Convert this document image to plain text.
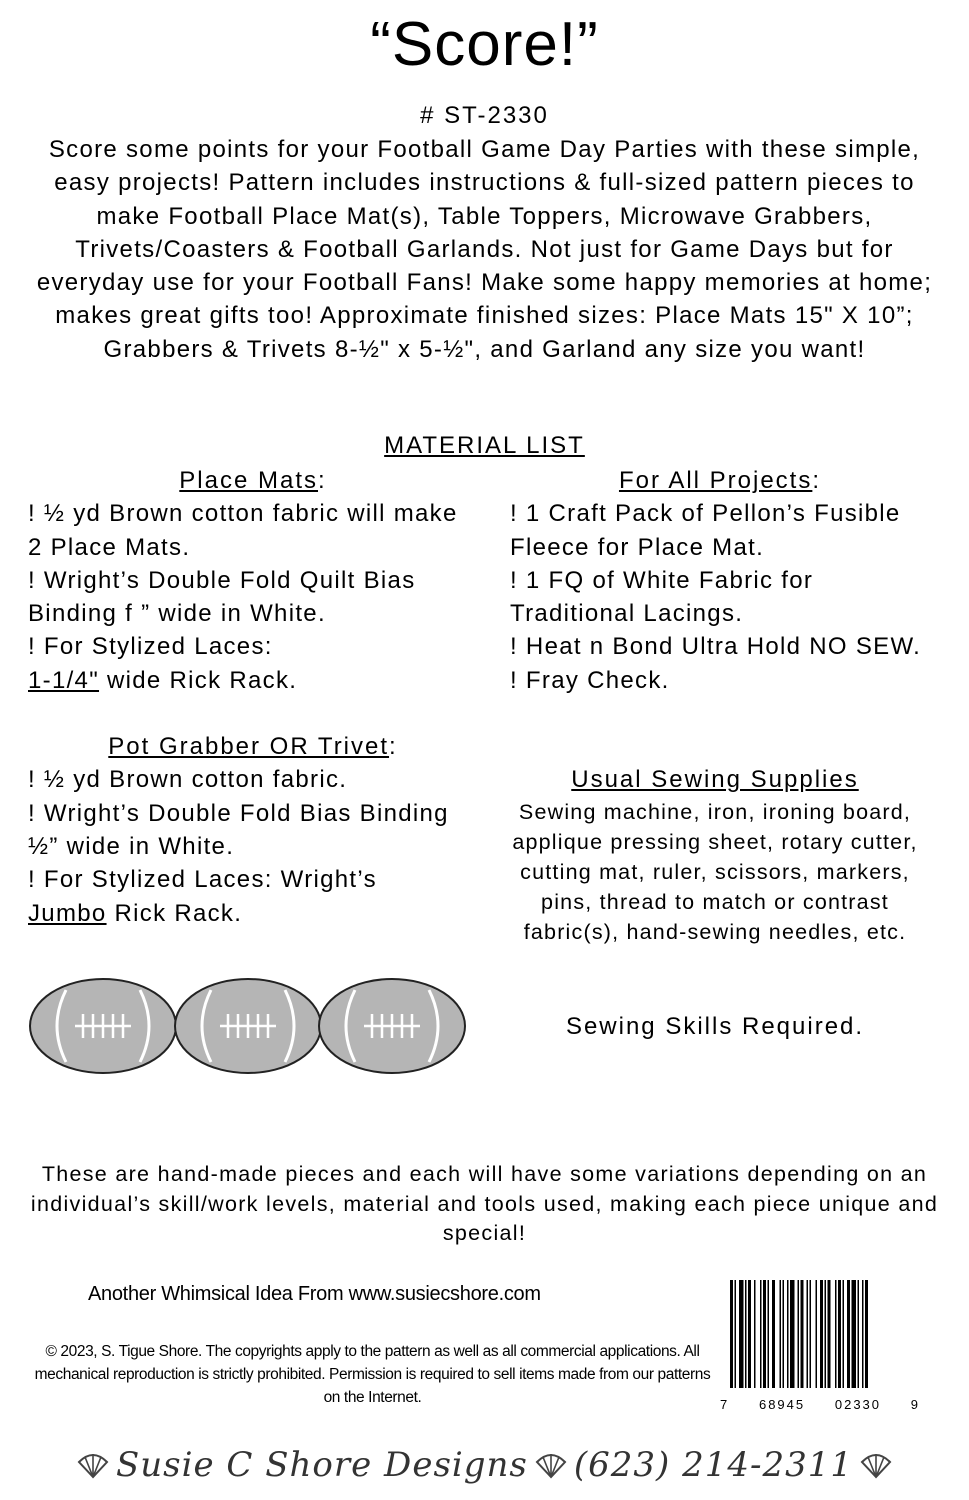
“Score!”
# ST-2330

Score some points for your Football Game Day Parties with these simple, easy projects! Pattern includes instructions & full-sized pattern pieces to make Football Place Mat(s), Table Toppers, Microwave Grabbers, Trivets/Coasters & Football Garlands. Not just for Game Days but for everyday use for your Football Fans! Make some happy memories at home; makes great gifts too! Approximate finished sizes: Place Mats 15" X 10”; Grabbers & Trivets 8-½" x 5-½", and Garland any size you want!

MATERIAL LIST

Place Mats:

! ½ yd Brown cotton fabric will make 2 Place Mats.

! Wright’s Double Fold Quilt Bias Binding f ” wide in White.

! For Stylized Laces:

1-1/4" wide Rick Rack.

Pot Grabber OR Trivet:

! ½ yd Brown cotton fabric.

! Wright’s Double Fold Bias Binding ½” wide in White.

! For Stylized Laces: Wright’s

Jumbo Rick Rack.

For All Projects:

! 1 Craft Pack of Pellon’s Fusible Fleece for Place Mat.

! 1 FQ of White Fabric for Traditional Lacings.

! Heat n Bond Ultra Hold NO SEW.

! Fray Check.

Usual Sewing Supplies

Sewing machine, iron, ironing board, applique pressing sheet, rotary cutter, cutting mat, ruler, scissors, markers, pins, thread to match or contrast fabric(s), hand-sewing needles, etc.

Sewing Skills Required.

These are hand-made pieces and each will have some variations depending on an individual’s skill/work levels, material and tools used, making each piece unique and special!

Another Whimsical Idea From www.susiecshore.com

© 2023, S. Tigue Shore. The copyrights apply to the pattern as well as all commercial applications. All mechanical reproduction is strictly prohibited. Permission is required to sell items made from our patterns on the Internet.	7 68945 02330 9
Susie C Shore Designs (623) 214-2311
